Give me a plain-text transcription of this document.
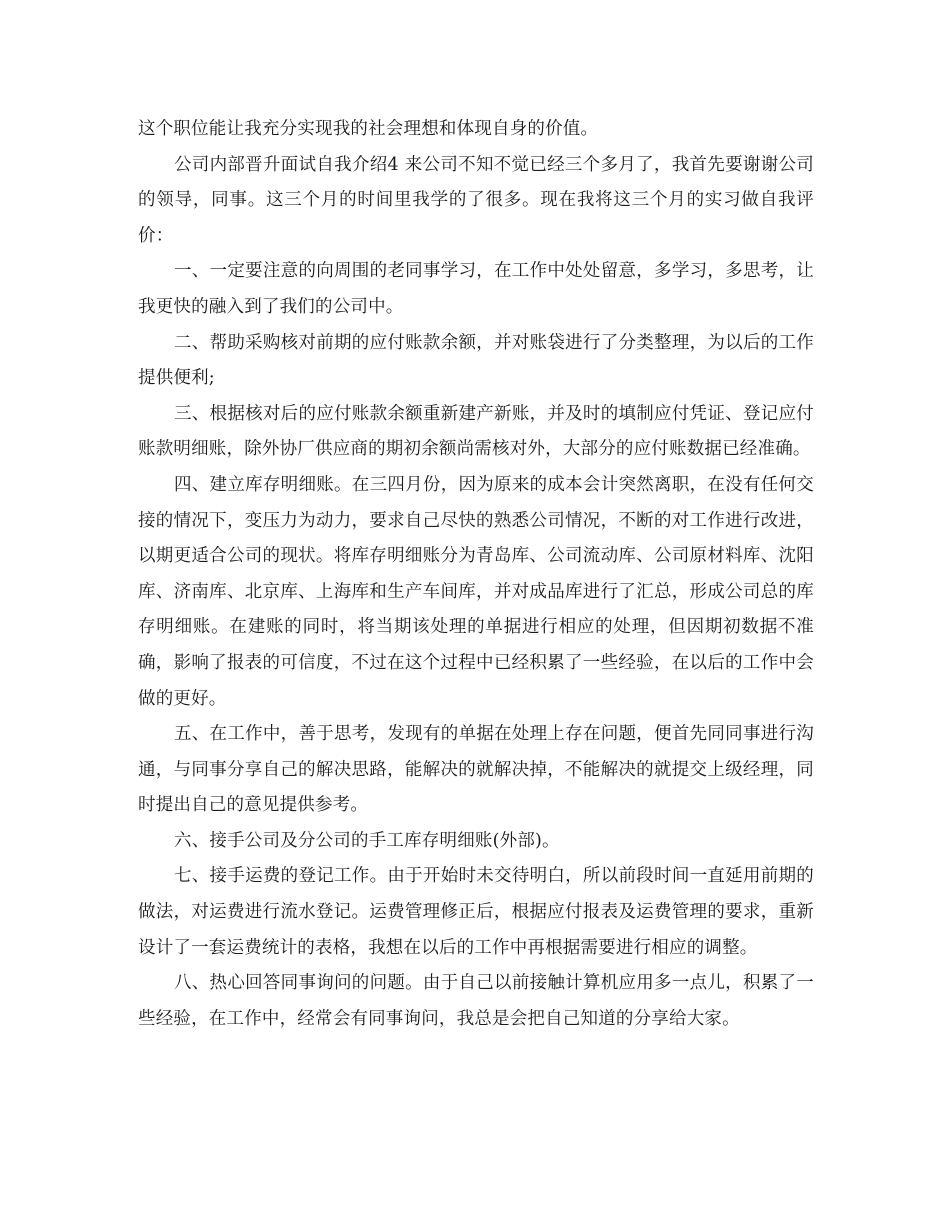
这个职位能让我充分实现我的社会理想和体现自身的价值。

公司内部晋升面试自我介绍4 来公司不知不觉已经三个多月了，我首先要谢谢公司的领导，同事。这三个月的时间里我学的了很多。现在我将这三个月的实习做自我评价：

一、一定要注意的向周围的老同事学习，在工作中处处留意，多学习，多思考，让我更快的融入到了我们的公司中。

二、帮助采购核对前期的应付账款余额，并对账袋进行了分类整理，为以后的工作提供便利;

三、根据核对后的应付账款余额重新建产新账，并及时的填制应付凭证、登记应付账款明细账，除外协厂供应商的期初余额尚需核对外，大部分的应付账数据已经准确。

四、建立库存明细账。在三四月份，因为原来的成本会计突然离职，在没有任何交接的情况下，变压力为动力，要求自己尽快的熟悉公司情况，不断的对工作进行改进，以期更适合公司的现状。将库存明细账分为青岛库、公司流动库、公司原材料库、沈阳库、济南库、北京库、上海库和生产车间库，并对成品库进行了汇总，形成公司总的库存明细账。在建账的同时，将当期该处理的单据进行相应的处理，但因期初数据不准确，影响了报表的可信度，不过在这个过程中已经积累了一些经验，在以后的工作中会做的更好。

五、在工作中，善于思考，发现有的单据在处理上存在问题，便首先同同事进行沟通，与同事分享自己的解决思路，能解决的就解决掉，不能解决的就提交上级经理，同时提出自己的意见提供参考。

六、接手公司及分公司的手工库存明细账(外部)。

七、接手运费的登记工作。由于开始时未交待明白，所以前段时间一直延用前期的做法，对运费进行流水登记。运费管理修正后，根据应付报表及运费管理的要求，重新设计了一套运费统计的表格，我想在以后的工作中再根据需要进行相应的调整。

八、热心回答同事询问的问题。由于自己以前接触计算机应用多一点儿，积累了一些经验，在工作中，经常会有同事询问，我总是会把自己知道的分享给大家。
